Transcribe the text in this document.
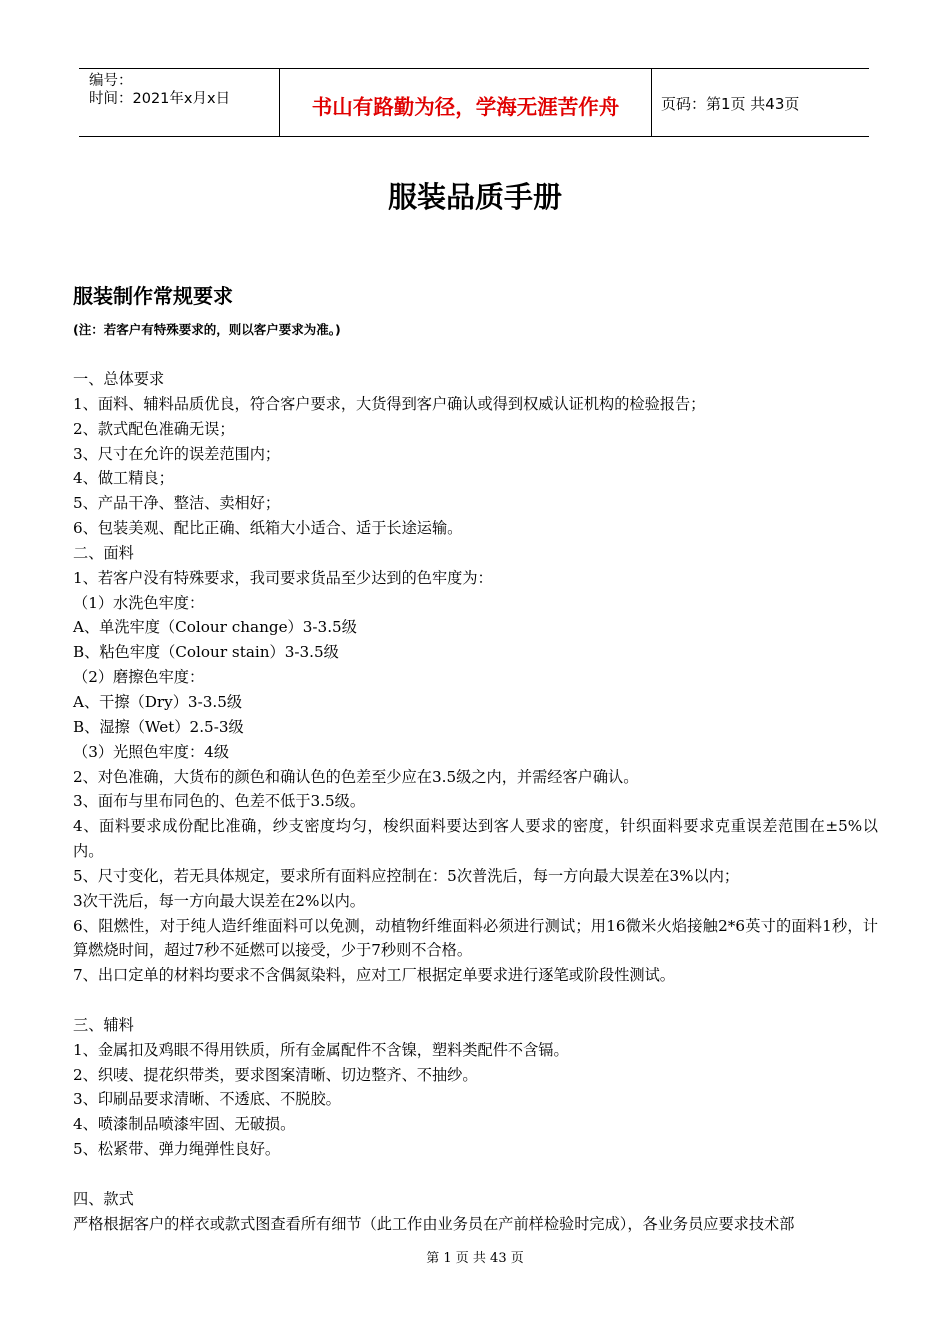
编号：
时间：2021年x月x日	书山有路勤为径，学海无涯苦作舟	页码：第1页 共43页
服装品质手册
服装制作常规要求
(注：若客户有特殊要求的，则以客户要求为准。)
一、总体要求
1、面料、辅料品质优良，符合客户要求，大货得到客户确认或得到权威认证机构的检验报告；
2、款式配色准确无误；
3、尺寸在允许的误差范围内；
4、做工精良；
5、产品干净、整洁、卖相好；
6、包装美观、配比正确、纸箱大小适合、适于长途运输。
二、面料
1、若客户没有特殊要求，我司要求货品至少达到的色牢度为：
（1）水洗色牢度：
A、单洗牢度（Colour change）3-3.5级
B、粘色牢度（Colour stain）3-3.5级
（2）磨擦色牢度：
A、干擦（Dry）3-3.5级
B、湿擦（Wet）2.5-3级
（3）光照色牢度：4级
2、对色准确，大货布的颜色和确认色的色差至少应在3.5级之内，并需经客户确认。
3、面布与里布同色的、色差不低于3.5级。
4、面料要求成份配比准确，纱支密度均匀，梭织面料要达到客人要求的密度，针织面料要求克重误差范围在±5%以内。
5、尺寸变化，若无具体规定，要求所有面料应控制在：5次普洗后，每一方向最大误差在3%以内；
3次干洗后，每一方向最大误差在2%以内。
6、阻燃性，对于纯人造纤维面料可以免测，动植物纤维面料必须进行测试；用16微米火焰接触2*6英寸的面料1秒，计算燃烧时间，超过7秒不延燃可以接受，少于7秒则不合格。
7、出口定单的材料均要求不含偶氮染料，应对工厂根据定单要求进行逐笔或阶段性测试。
三、辅料
1、金属扣及鸡眼不得用铁质，所有金属配件不含镍，塑料类配件不含镉。
2、织唛、提花织带类，要求图案清晰、切边整齐、不抽纱。
3、印刷品要求清晰、不透底、不脱胶。
4、喷漆制品喷漆牢固、无破损。
5、松紧带、弹力绳弹性良好。
四、款式
严格根据客户的样衣或款式图查看所有细节（此工作由业务员在产前样检验时完成），各业务员应要求技术部
第 1 页 共 43 页
